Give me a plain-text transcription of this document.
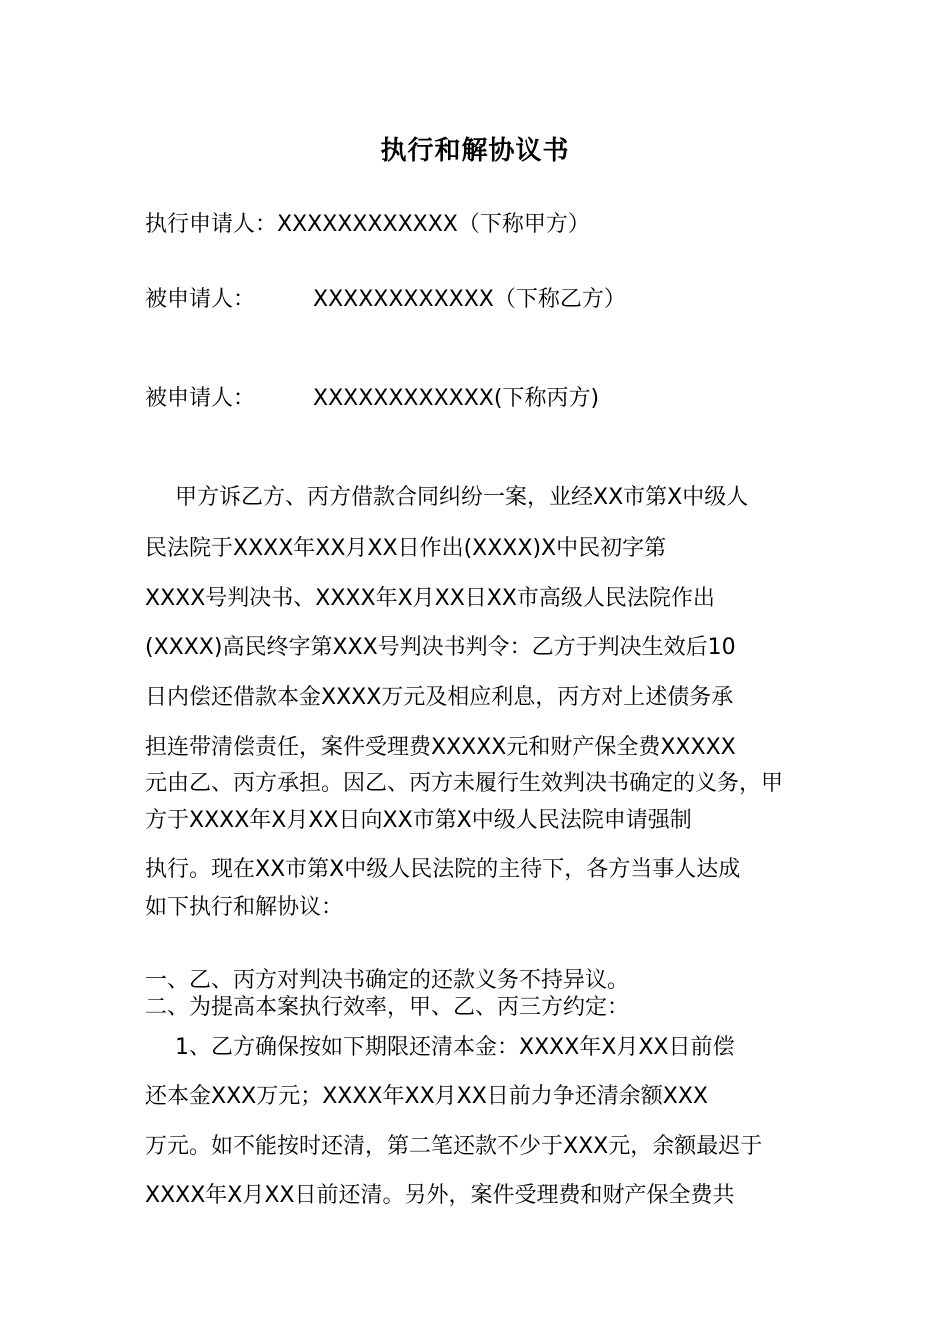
执行和解协议书
执行申请人：XXXXXXXXXXXX（下称甲方）
被申请人：	XXXXXXXXXXXX（下称乙方）
被申请人：	XXXXXXXXXXXX(下称丙方)
甲方诉乙方、丙方借款合同纠纷一案，业经XX市第X中级人
民法院于XXXX年XX月XX日作出(XXXX)X中民初字第
XXXX号判决书、XXXX年X月XX日XX市高级人民法院作出
(XXXX)高民终字第XXX号判决书判令：乙方于判决生效后10
日内偿还借款本金XXXX万元及相应利息，丙方对上述债务承
担连带清偿责任，案件受理费XXXXX元和财产保全费XXXXX
元由乙、丙方承担。因乙、丙方未履行生效判决书确定的义务，甲
方于XXXX年X月XX日向XX市第X中级人民法院申请强制
执行。现在XX市第X中级人民法院的主待下，各方当事人达成
如下执行和解协议：
一、乙、丙方对判决书确定的还款义务不持异议。
二、为提高本案执行效率，甲、乙、丙三方约定：
1、乙方确保按如下期限还清本金：XXXX年X月XX日前偿
还本金XXX万元；XXXX年XX月XX日前力争还清余额XXX
万元。如不能按时还清，第二笔还款不少于XXX元，余额最迟于
XXXX年X月XX日前还清。另外，案件受理费和财产保全费共
